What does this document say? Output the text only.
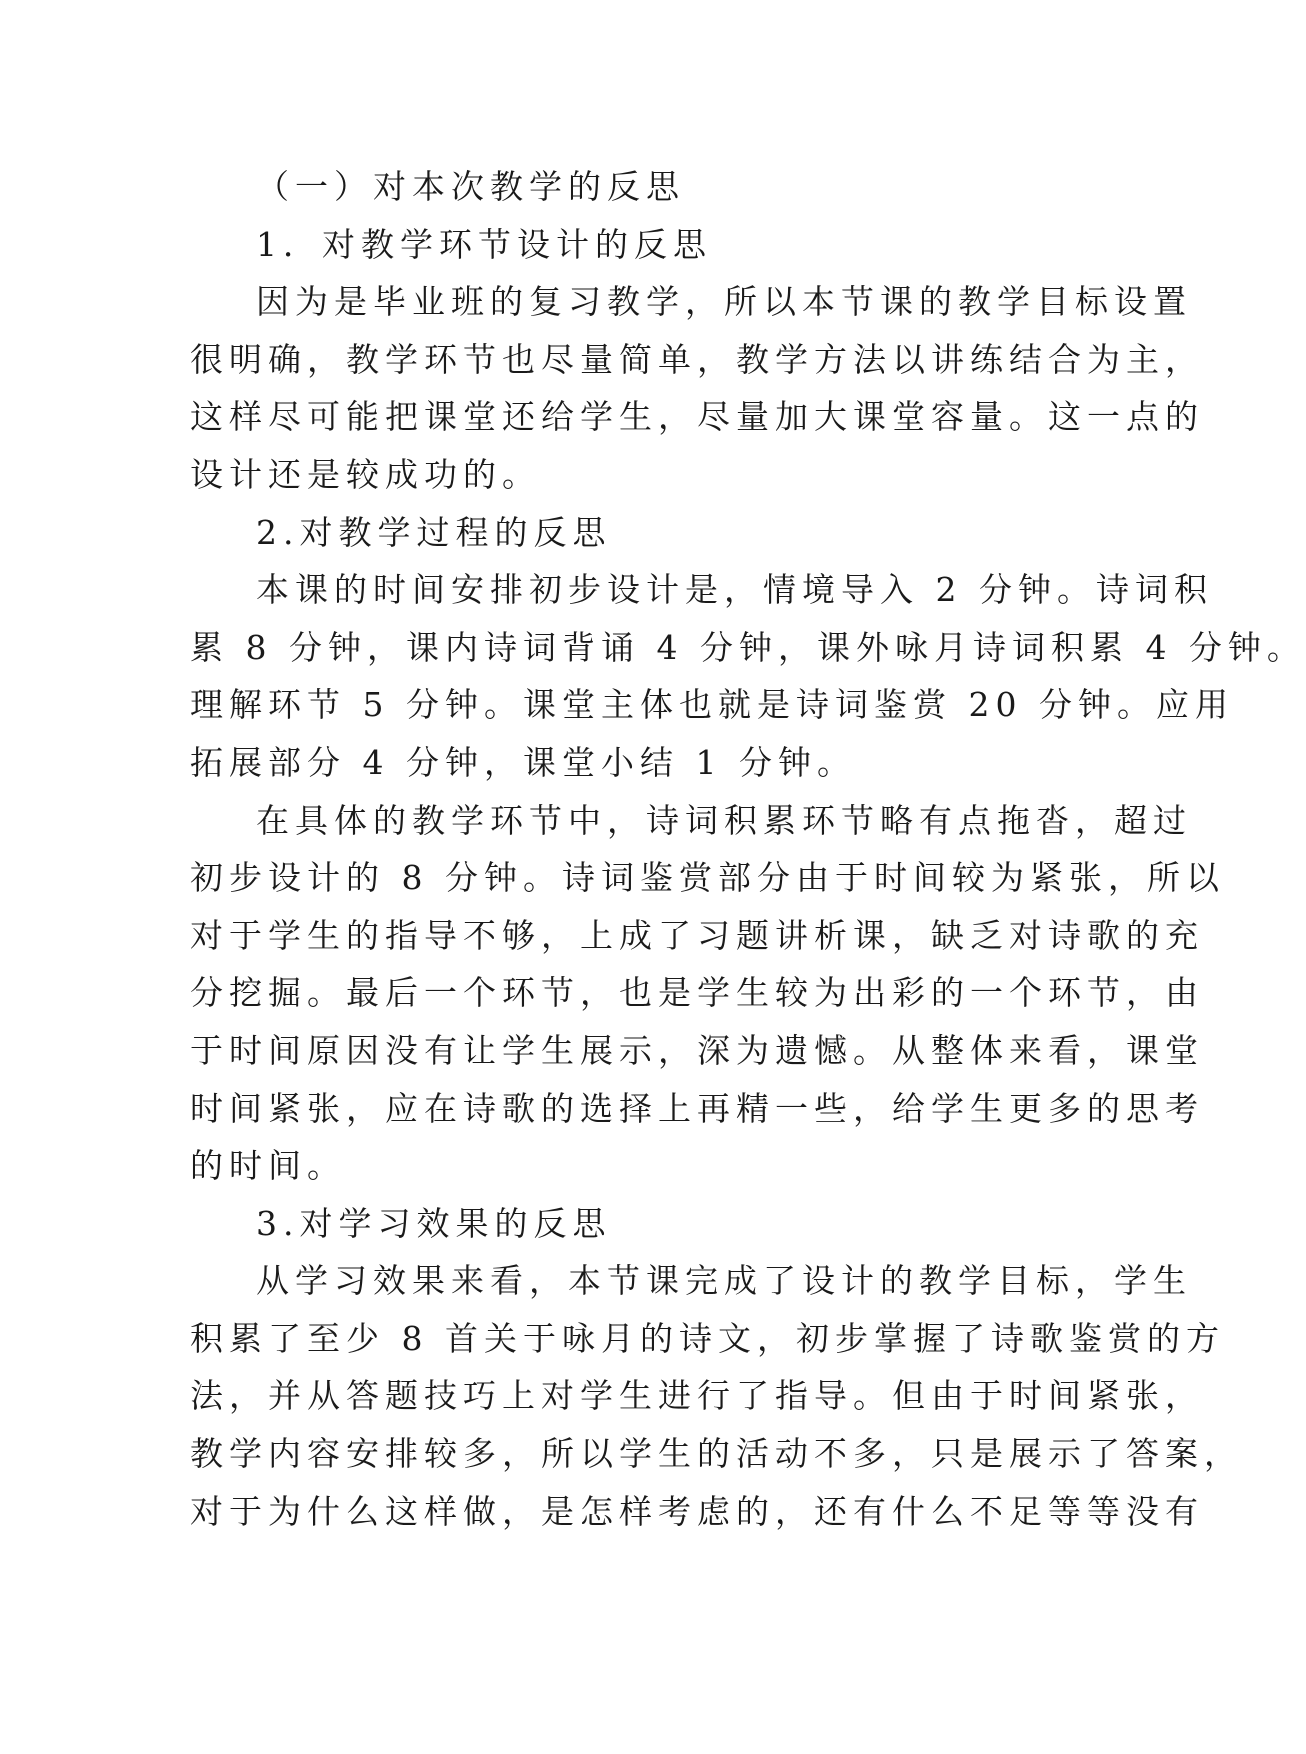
（一）对本次教学的反思
1．对教学环节设计的反思
因为是毕业班的复习教学，所以本节课的教学目标设置
很明确，教学环节也尽量简单，教学方法以讲练结合为主，
这样尽可能把课堂还给学生，尽量加大课堂容量。这一点的
设计还是较成功的。
2.对教学过程的反思
本课的时间安排初步设计是，情境导入 2 分钟。诗词积
累 8 分钟，课内诗词背诵 4 分钟，课外咏月诗词积累 4 分钟。
理解环节 5 分钟。课堂主体也就是诗词鉴赏 20 分钟。应用
拓展部分 4 分钟，课堂小结 1 分钟。
在具体的教学环节中，诗词积累环节略有点拖沓，超过
初步设计的 8 分钟。诗词鉴赏部分由于时间较为紧张，所以
对于学生的指导不够，上成了习题讲析课，缺乏对诗歌的充
分挖掘。最后一个环节，也是学生较为出彩的一个环节，由
于时间原因没有让学生展示，深为遗憾。从整体来看，课堂
时间紧张，应在诗歌的选择上再精一些，给学生更多的思考
的时间。
3.对学习效果的反思
从学习效果来看，本节课完成了设计的教学目标，学生
积累了至少 8 首关于咏月的诗文，初步掌握了诗歌鉴赏的方
法，并从答题技巧上对学生进行了指导。但由于时间紧张，
教学内容安排较多，所以学生的活动不多，只是展示了答案，
对于为什么这样做，是怎样考虑的，还有什么不足等等没有
